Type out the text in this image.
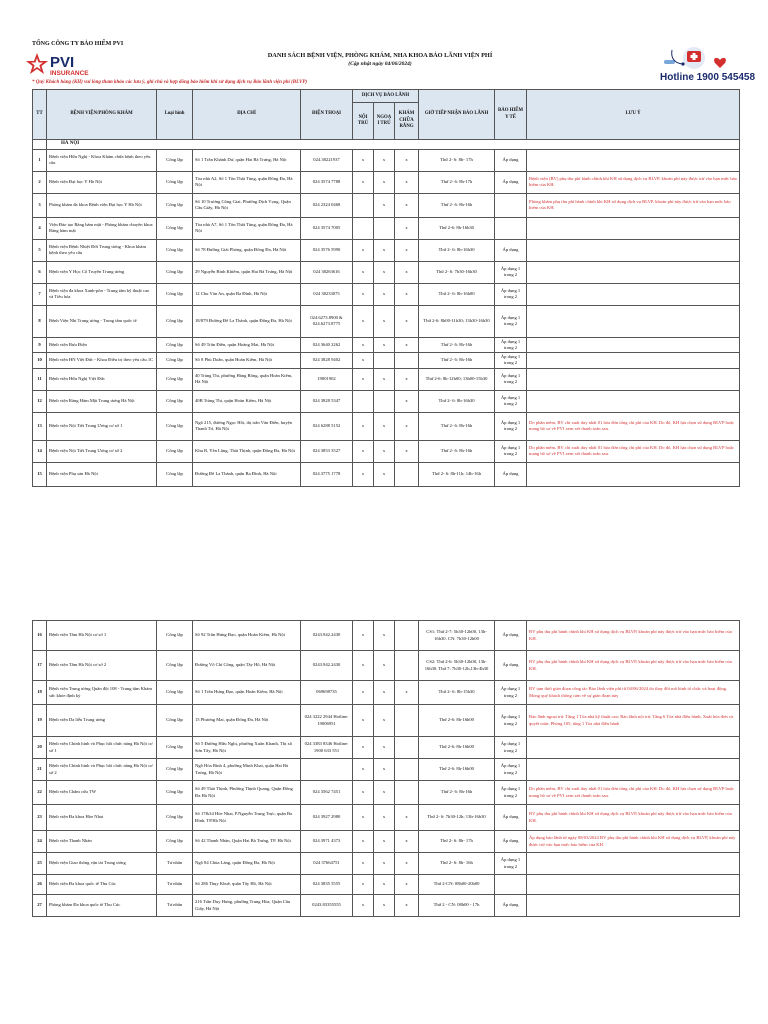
TỔNG CÔNG TY BẢO HIỂM PVI
PVI
INSURANCE
DANH SÁCH BỆNH VIỆN, PHÒNG KHÁM, NHA KHOA BẢO LÃNH VIỆN PHÍ
(Cập nhật ngày 04/06/2024)
* Quý Khách hàng (KH) vui lòng tham khảo các lưu ý, ghi chú và hợp đồng bảo hiểm khi sử dụng dịch vụ Bảo lãnh viện phí (BLVP)	Hotline 1900 545458
TT	BỆNH VIỆN/PHÒNG KHÁM	Loại hình	ĐỊA CHỈ	ĐIỆN THOẠI	DỊCH VỤ BẢO LÃNH			GIỜ TIẾP NHẬN BẢO LÃNH	BẢO HIỂM Y TẾ	LƯU Ý
					NỘI TRÚ	NGOẠI TRÚ	KHÁM CHỮA RĂNG			
	HÀ NỘI									
1	Bệnh viện Hữu Nghị - Khoa Khám chữa bệnh theo yêu cầu	Công lập	Số 1 Trần Khánh Dư, quận Hai Bà Trưng, Hà Nội	024.38221937	x	x	x	Thứ 2- 6: 8h- 17h	Áp dụng	
2	Bệnh viện Đại học Y Hà Nội	Công lập	Tòa nhà A2, Số 1 Tôn Thất Tùng, quận Đống Đa, Hà Nội	024 3574 7788	x	x	x	Thứ 2- 6: 8h-17h	Áp dụng	Bệnh viện (BV) phụ thu phí hành chính khi KH sử dụng dịch vụ BLVP, khoản phí này được trừ vào hạn mức bảo hiểm của KH.
3	Phòng khám đa khoa Bệnh viện Đại học Y Hà Nội	Công lập	Số 10 Trương Công Giai, Phường Dịch Vọng, Quận Cầu Giấy, Hà Nội	024 2324 0468		x	x	Thứ 2- 6: 8h-16h		Phòng khám phụ thu phí hành chính khi KH sử dụng dịch vụ BLVP, khoản phí này được trừ vào hạn mức bảo hiểm của KH.
4	Viện Đào tạo Răng hàm mặt - Phòng khám chuyên khoa Răng hàm mặt	Công lập	Tòa nhà A7, Số 1 Tôn Thất Tùng, quận Đống Đa, Hà Nội	024 3574 7005			x	Thứ 2-6: 8h-16h30		
5	Bệnh viện Bệnh Nhiệt Đới Trung ương - Khoa khám bệnh theo yêu cầu	Công lập	Số 78 Đường Giải Phóng, quận Đống Đa, Hà Nội	024 3576 5990	x	x	x	Thứ 2- 6: 8h-16h30	Áp dụng	
6	Bệnh viện Y Học Cổ Truyền Trung ương	Công lập	29 Nguyễn Bỉnh Khiêm, quận Hai Bà Trưng, Hà Nội	024 38263616	x	x	x	Thứ 2- 6: 7h30-16h30	Áp dụng 1 trong 2	
7	Bệnh viện đa khoa Xanh-pôn - Trung tâm kỹ thuật cao và Tiêu hóa	Công lập	12 Chu Văn An, quận Ba Đình, Hà Nội	024 38233075	x	x	x	Thứ 2- 6: 8h-16h00	Áp dụng 1 trong 2	
8	Bệnh Viện Nhi Trung ương - Trung tâm quốc tế	Công lập	18/879 Đường Đê La Thành, quận Đống Đa, Hà Nội	024.6273.8900 & 024.6273.8775	x	x	x	Thứ 2-6: 8h00-11h30; 13h30-16h30	Áp dụng 1 trong 2	
9	Bệnh viện Bưu Điện	Công lập	Số 49 Trần Điền, quận Hoàng Mai, Hà Nội	024 3640 2262	x	x	x	Thứ 2- 6: 8h-16h	Áp dụng 1 trong 2	
10	Bệnh viện HN Việt Đức - Khoa Điều trị theo yêu cầu 1C	Công lập	Số 8 Phủ Doãn, quận Hoàn Kiếm, Hà Nội	024 3828 9402	x			Thứ 2- 6: 8h-16h	Áp dụng 1 trong 2	
11	Bệnh viện Hữu Nghị Việt Đức	Công lập	40 Tràng Thi, phường Hàng Bông, quận Hoàn Kiếm, Hà Nội	19001902	x	x	x	Thứ 2-6: 8h-12h00; 13h00-15h30	Áp dụng 1 trong 2	
12	Bệnh viện Răng Hàm Mặt Trung ương Hà Nội	Công lập	40B Tràng Thi, quận Hoàn Kiếm, Hà Nội	024 3828 5347			x	Thứ 2- 6: 8h-16h30	Áp dụng 1 trong 2	
13	Bệnh viện Nội Tiết Trung Ương cơ sở 1	Công lập	Ngõ 215, đường Ngọc Hồi, thị trấn Văn Điển, huyện Thanh Trì, Hà Nội	024 6288 5152	x	x	x	Thứ 2- 6: 8h-16h	Áp dụng 1 trong 2	Do phần mềm, BV chỉ xuất duy nhất 01 hóa đơn tổng chi phí của KH. Do đó, KH lựa chọn sử dụng BLVP hoặc mang hồ sơ về PVI xem xét thanh toán sau.
14	Bệnh viện Nội Tiết Trung Ương cơ sở 2	Công lập	Khu B, Yên Lãng, Thái Thịnh, quận Đống Đa, Hà Nội	024 3853 3527	x	x	x	Thứ 2- 6: 8h-16h	Áp dụng 1 trong 2	Do phần mềm, BV chỉ xuất duy nhất 01 hóa đơn tổng chi phí của KH. Do đó, KH lựa chọn sử dụng BLVP hoặc mang hồ sơ về PVI xem xét thanh toán sau.
15	Bệnh viện Phụ sản Hà Nội	Công lập	Đường Đê La Thành, quận Ba Đình, Hà Nội	024.3775 1778	x	x		Thứ 2- 6: 8h-11h; 14h-16h	Áp dụng	
16	Bệnh viện Tâm Hà Nội cơ sở 1	Công lập	Số 92 Trần Hưng Đạo, quận Hoàn Kiếm, Hà Nội	0243.942.2430	x	x		CS1: Thứ 2-7: 5h30-12h00, 13h-16h30. CN: 7h30-12h00	Áp dụng	BV phụ thu phí hành chính khi KH sử dụng dịch vụ BLVP, khoản phí này được trừ vào hạn mức bảo hiểm của KH.
17	Bệnh viện Tâm Hà Nội cơ sở 2	Công lập	Đường Võ Chí Công, quận Tây Hồ, Hà Nội	0243.942.2430	x	x		CS2: Thứ 2-6: 5h30-12h00, 13h-16h30. Thứ 7: 7h30-12h,13h-4h30	Áp dụng	BV phụ thu phí hành chính khi KH sử dụng dịch vụ BLVP, khoản phí này được trừ vào hạn mức bảo hiểm của KH.
18	Bệnh viện Trung ương Quân đội 108 - Trung tâm Khám sức khỏe định kỳ	Công lập	Số 1 Trần Hưng Đạo, quận Hoàn Kiếm, Hà Nội	069698735	x	x	x	Thứ 2- 6: 8h-15h30	Áp dụng 1 trong 2	BV tạm thời gián đoạn công tác Bảo lãnh viện phí từ 04/06/2024 do thay đổi mô hình tổ chức và hoạt động. Mong quý khách thông cảm về sự gián đoạn này
19	Bệnh viện Da liễu Trung ương	Công lập	15 Phương Mai, quận Đống Đa, Hà Nội	024 3222 2944 Hotline: 19006951	x	x		Thứ 2-6: 8h-16h00	Áp dụng 1 trong 2	Bảo lãnh ngoại trú: Tầng 1 Tòa nhà kỹ thuật cao; Bảo lãnh nội trú: Tầng 6 Tòa nhà điều hành; Xuất hóa đơn và quyết toán: Phòng 105, tầng 1 Tòa nhà điều hành
20	Bệnh viện Chỉnh hình và Phục hồi chức năng Hà Nội cơ sở 1	Công lập	Số 5 Đường Hữu Nghị, phường Xuân Khanh, Thị xã Sơn Tây, Hà Nội	024 3383 8346 Hotline: 1900 633 551	x	x		Thứ 2-6: 8h-16h00	Áp dụng 1 trong 2	
21	Bệnh viện Chỉnh hình và Phục hồi chức năng Hà Nội cơ sở 2	Công lập	Ngõ Hòa Bình 4, phường Minh Khai, quận Hai Bà Trưng, Hà Nội		x	x		Thứ 2-6: 8h-16h00	Áp dụng 1 trong 2	
22	Bệnh viện Châm cứu TW	Công lập	Số 49 Thái Thịnh, Phường Thịnh Quang, Quận Đống Đa Hà Nội	024 3562 7451	x	x		Thứ 2- 6: 8h-16h	Áp dụng 1 trong 2	Do phần mềm, BV chỉ xuất duy nhất 01 hóa đơn tổng chi phí của KH. Do đó, KH lựa chọn sử dụng BLVP hoặc mang hồ sơ về PVI xem xét thanh toán sau.
23	Bệnh viện Đa khoa Hòe Nhai	Công lập	Số 17&34 Hòe Nhai, P.Nguyễn Trung Trực, quận Ba Đình, TP.Hà Nội	024 3927 2980	x	x	x	Thứ 2- 6: 7h30-12h; 13h-16h30	Áp dụng	BV phụ thu phí hành chính khi KH sử dụng dịch vụ BLVP, khoản phí này được trừ vào hạn mức bảo hiểm của KH.
24	Bệnh viện Thanh Nhàn	Công lập	Số 42 Thanh Nhàn, Quận Hai Bà Trưng, TP. Hà Nội	024 3971 4373	x	x	x	Thứ 2- 6: 8h- 17h	Áp dụng	Áp dụng bảo lãnh từ ngày 08/03/2024 BV phụ thu phí hành chính khi KH sử dụng dịch vụ BLVP, khoản phí này được trừ vào hạn mức bảo hiểm của KH.
25	Bệnh viện Giao thông vận tải Trung ương	Tư nhân	Ngõ 84 Chùa Láng, quận Đống Đa, Hà Nội	024 37664751	x	x	x	Thứ 2- 6: 8h- 16h	Áp dụng 1 trong 2	
26	Bệnh viện Đa khoa quốc tế Thu Cúc	Tư nhân	Số 286 Thụy Khuê, quận Tây Hồ, Hà Nội	024 3835 5555	x	x	x	Thứ 2-CN: 08h00-20h00		
27	Phòng khám Đa khoa quốc tế Thu Cúc	Tư nhân	216 Trần Duy Hưng, phường Trung Hòa, Quận Cầu Giấy, Hà Nội	0243.83355555	x	x	x	Thứ 2 - CN: 08h00 - 17h	Áp dụng	
